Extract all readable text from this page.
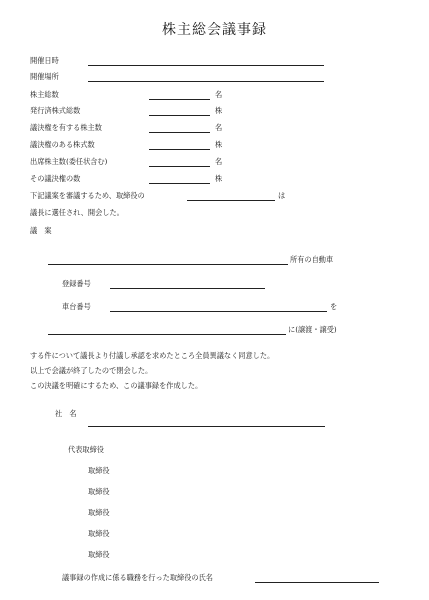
株主総会議事録
開催日時
開催場所
株主総数	名
発行済株式総数	株
議決権を有する株主数	名
議決権のある株式数	株
出席株主数(委任状含む)	名
その議決権の数	株
下記議案を審議するため、取締役の	は
議長に選任され、開会した。
議　案
所有の自動車
登録番号
車台番号	を
に(譲渡・譲受)
する件について議長より付議し承認を求めたところ全員異議なく同意した。
以上で会議が終了したので閉会した。
この決議を明確にするため、この議事録を作成した。
社　名
代表取締役
取締役
取締役
取締役
取締役
取締役
議事録の作成に係る職務を行った取締役の氏名
